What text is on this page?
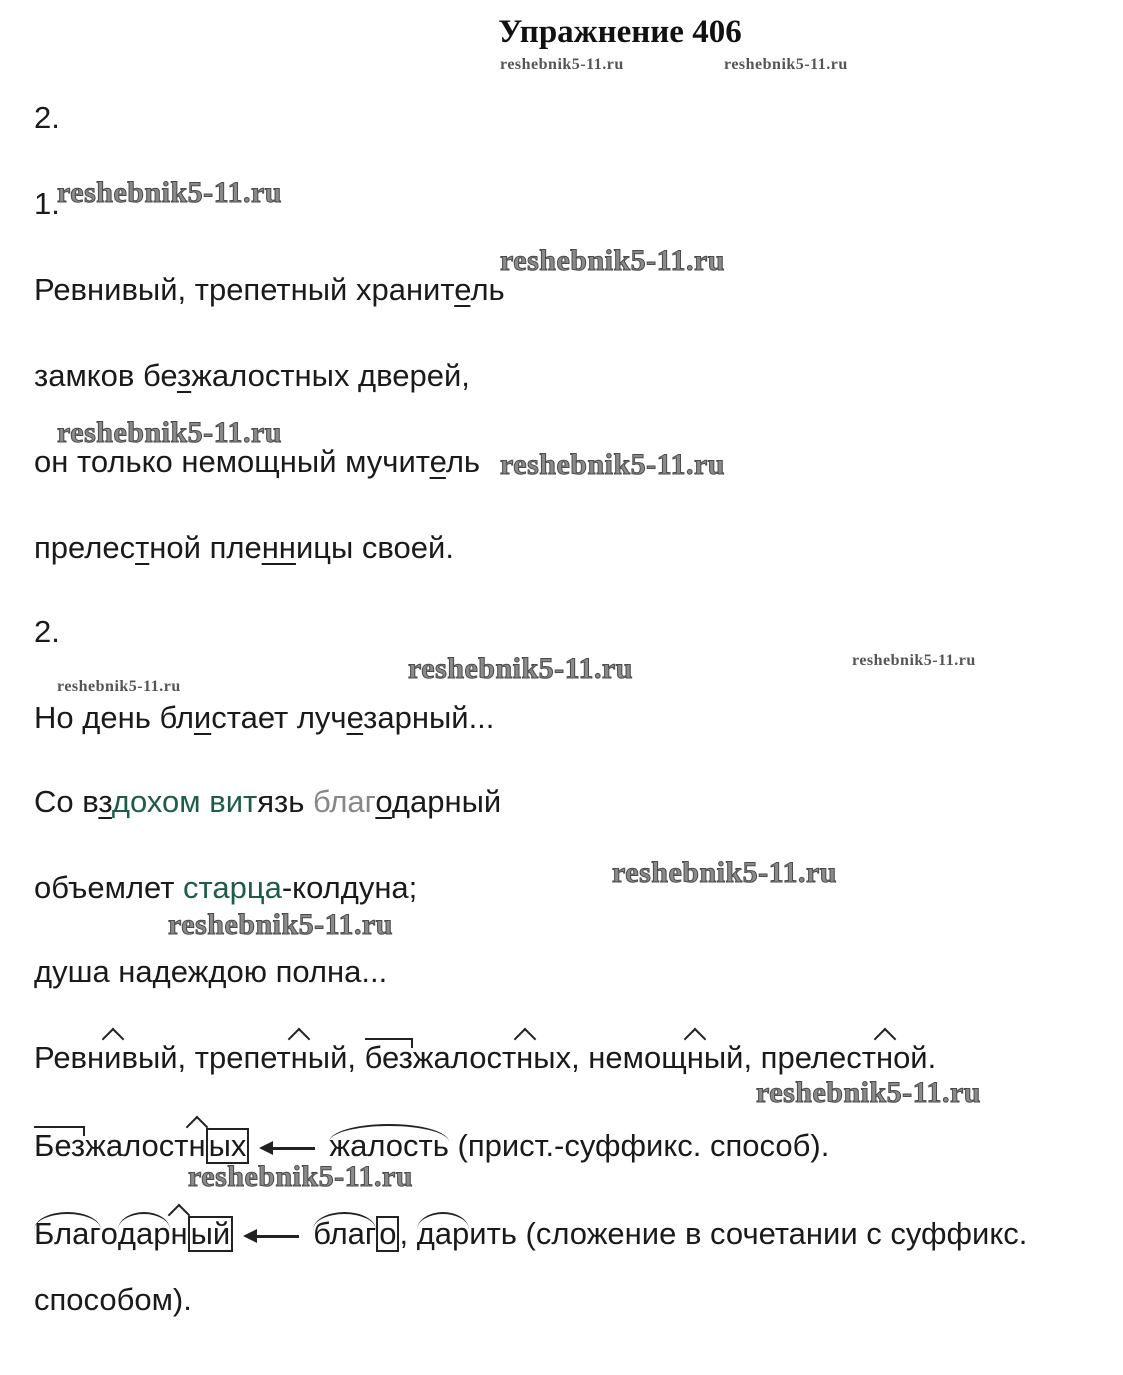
Упражнение 406
reshebnik5-11.ru	reshebnik5-11.ru
2.
1.
reshebnik5-11.ru
reshebnik5-11.ru
Ревнивый, трепетный хранитель
замков безжалостных дверей,
reshebnik5-11.ru
он только немощный мучитель reshebnik5-11.ru
прелестной пленницы своей.
2.
reshebnik5-11.ru	reshebnik5-11.ru
reshebnik5-11.ru
Но день блистает лучезарный...
Со вздохом витязь благодарный
reshebnik5-11.ru
объемлет старца-колдуна;
reshebnik5-11.ru
душа надеждою полна...
Ревнивый, трепетный, безжалостных, немощный, прелестной.
reshebnik5-11.ru
Безжалостных	жалость (прист.-суффикс. способ).
reshebnik5-11.ru
Благодарный	благо, дарить (сложение в сочетании с суффикс.
способом).
